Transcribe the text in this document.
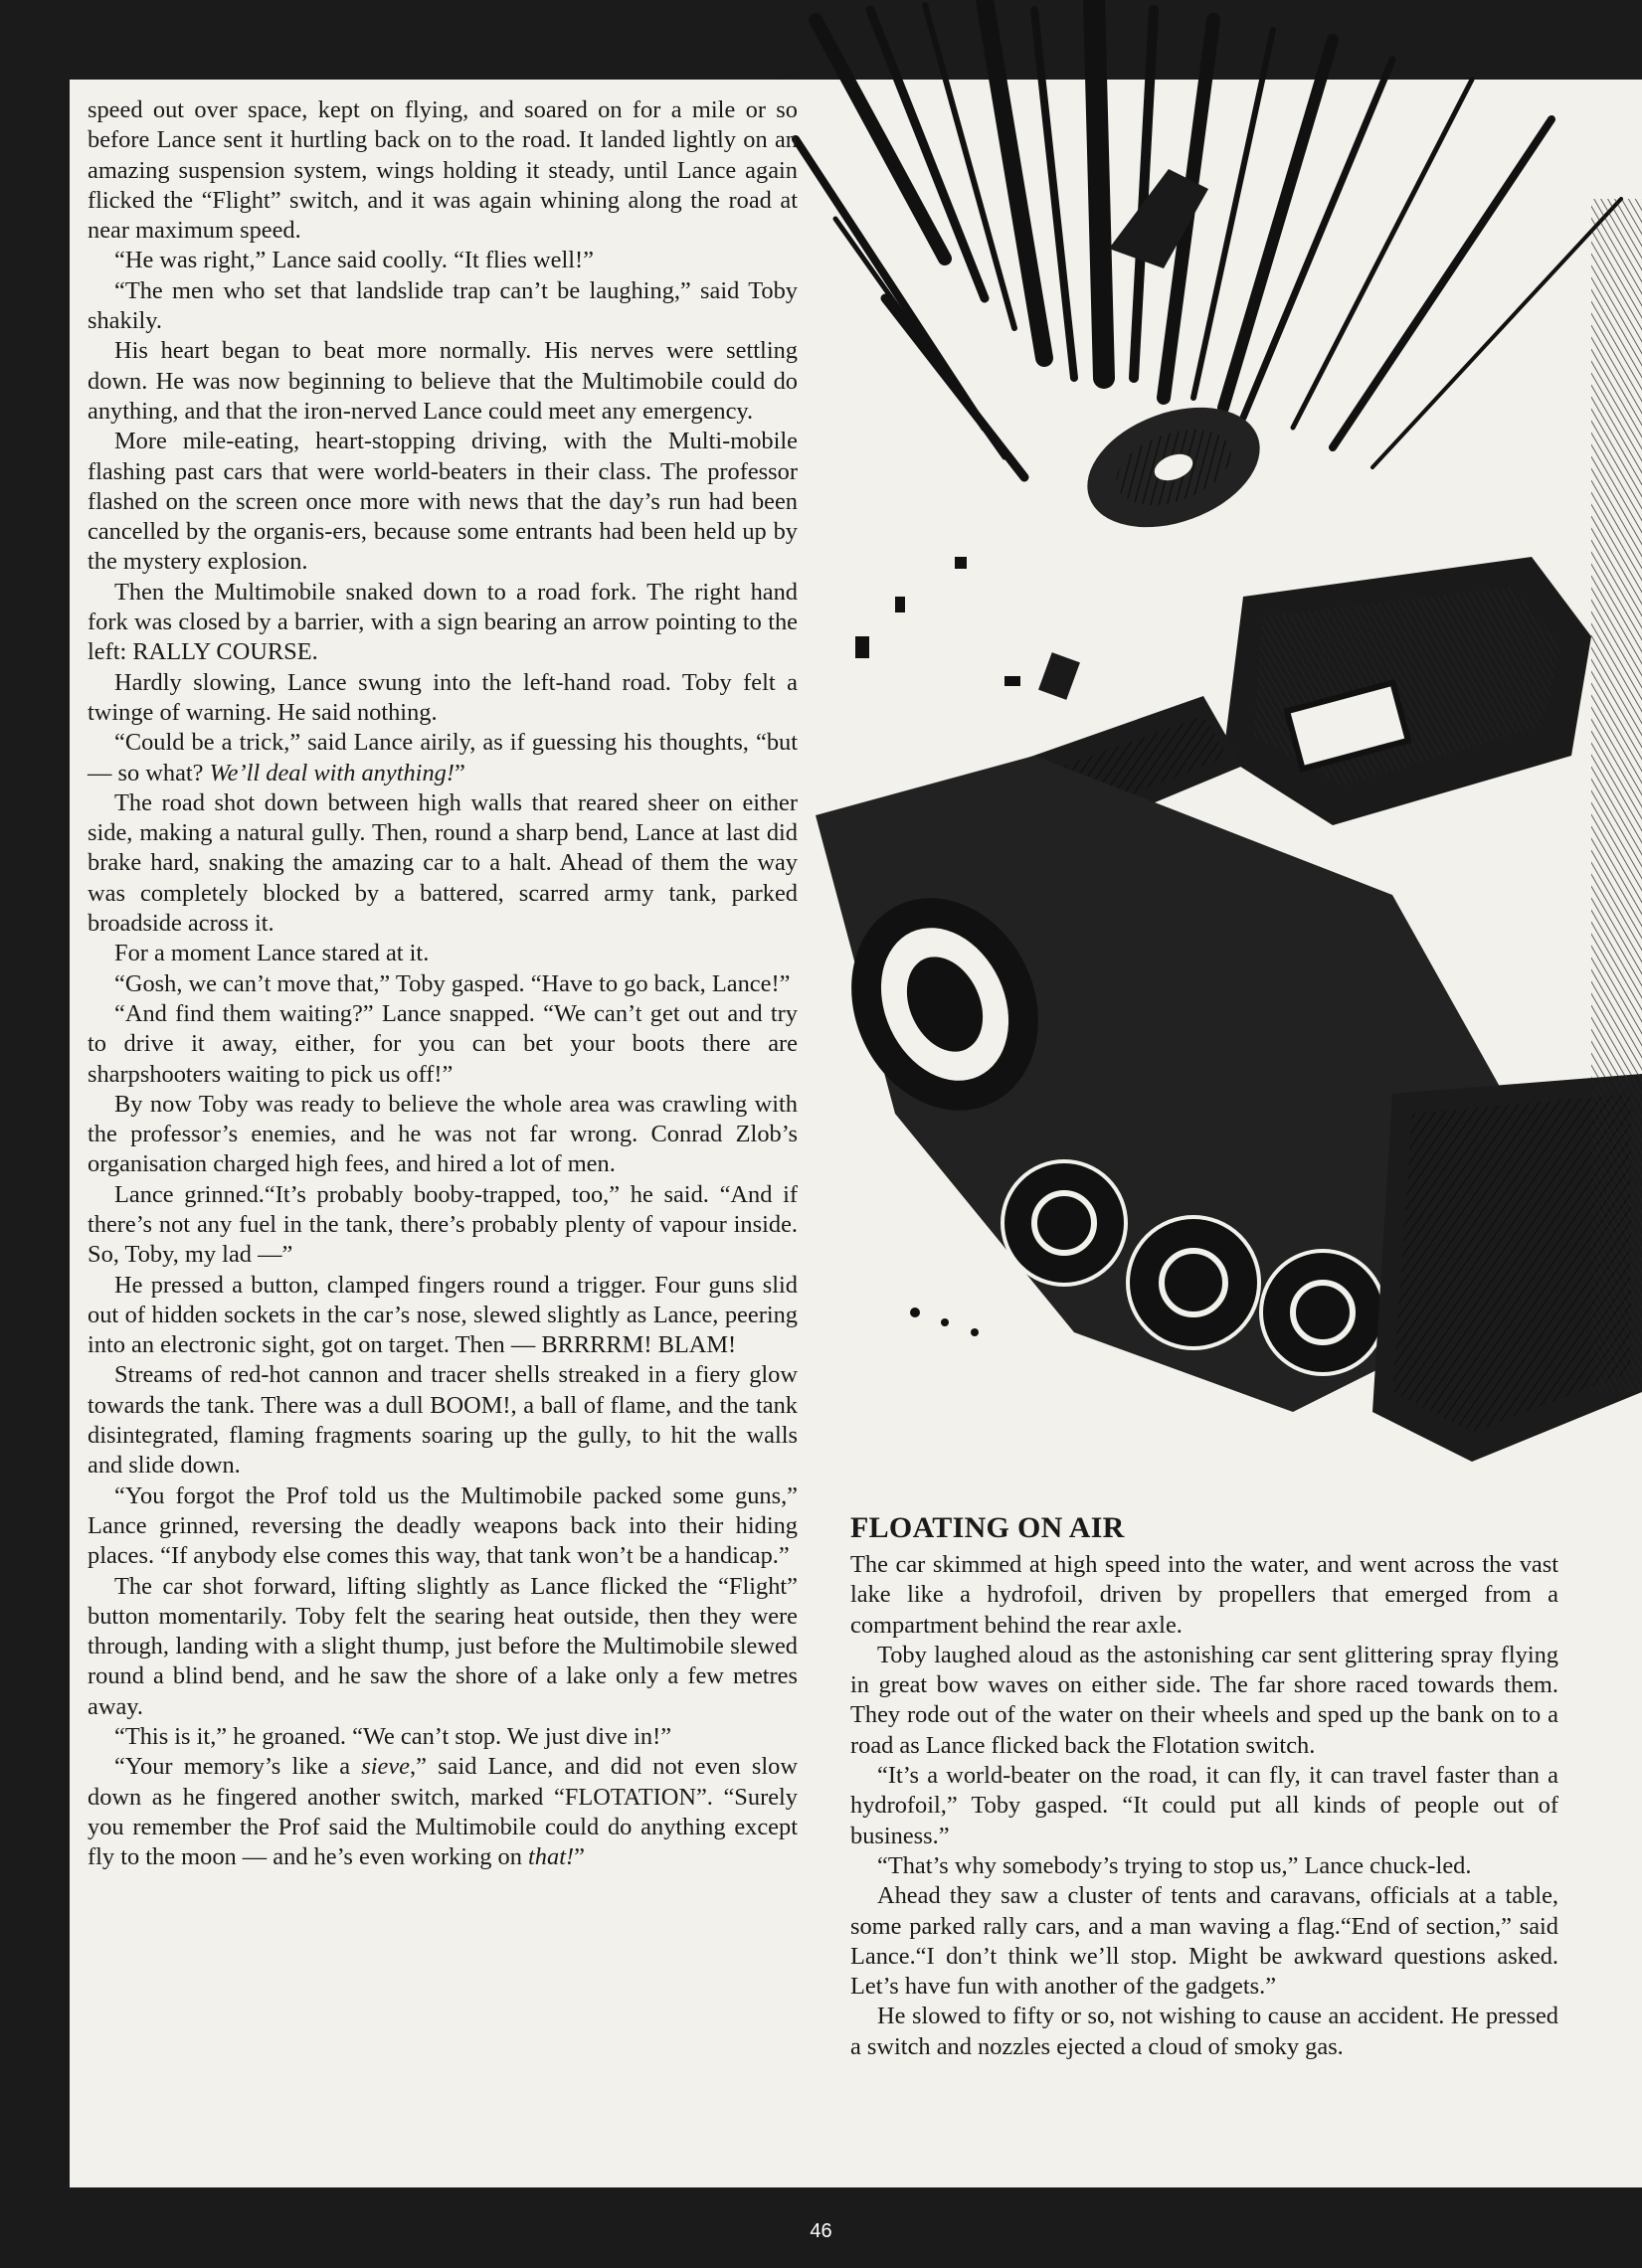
speed out over space, kept on flying, and soared on for a mile or so before Lance sent it hurtling back on to the road. It landed lightly on an amazing suspension system, wings holding it steady, until Lance again flicked the “Flight” switch, and it was again whining along the road at near maximum speed.

“He was right,” Lance said coolly. “It flies well!”

“The men who set that landslide trap can’t be laughing,” said Toby shakily.

His heart began to beat more normally. His nerves were settling down. He was now beginning to believe that the Multimobile could do anything, and that the iron-nerved Lance could meet any emergency.

More mile-eating, heart-stopping driving, with the Multi-mobile flashing past cars that were world-beaters in their class. The professor flashed on the screen once more with news that the day’s run had been cancelled by the organis-ers, because some entrants had been held up by the mystery explosion.

Then the Multimobile snaked down to a road fork. The right hand fork was closed by a barrier, with a sign bearing an arrow pointing to the left: RALLY COURSE.

Hardly slowing, Lance swung into the left-hand road. Toby felt a twinge of warning. He said nothing.

“Could be a trick,” said Lance airily, as if guessing his thoughts, “but — so what? We’ll deal with anything!”

The road shot down between high walls that reared sheer on either side, making a natural gully. Then, round a sharp bend, Lance at last did brake hard, snaking the amazing car to a halt. Ahead of them the way was completely blocked by a battered, scarred army tank, parked broadside across it.

For a moment Lance stared at it.

“Gosh, we can’t move that,” Toby gasped. “Have to go back, Lance!”

“And find them waiting?” Lance snapped. “We can’t get out and try to drive it away, either, for you can bet your boots there are sharpshooters waiting to pick us off!”

By now Toby was ready to believe the whole area was crawling with the professor’s enemies, and he was not far wrong. Conrad Zlob’s organisation charged high fees, and hired a lot of men.

Lance grinned.“It’s probably booby-trapped, too,” he said. “And if there’s not any fuel in the tank, there’s probably plenty of vapour inside. So, Toby, my lad —”

He pressed a button, clamped fingers round a trigger. Four guns slid out of hidden sockets in the car’s nose, slewed slightly as Lance, peering into an electronic sight, got on target. Then — BRRRRM! BLAM!

Streams of red-hot cannon and tracer shells streaked in a fiery glow towards the tank. There was a dull BOOM!, a ball of flame, and the tank disintegrated, flaming fragments soaring up the gully, to hit the walls and slide down.

“You forgot the Prof told us the Multimobile packed some guns,” Lance grinned, reversing the deadly weapons back into their hiding places. “If anybody else comes this way, that tank won’t be a handicap.”

The car shot forward, lifting slightly as Lance flicked the “Flight” button momentarily. Toby felt the searing heat outside, then they were through, landing with a slight thump, just before the Multimobile slewed round a blind bend, and he saw the shore of a lake only a few metres away.

“This is it,” he groaned. “We can’t stop. We just dive in!”

“Your memory’s like a sieve,” said Lance, and did not even slow down as he fingered another switch, marked “FLOTATION”. “Surely you remember the Prof said the Multimobile could do anything except fly to the moon — and he’s even working on that!”

FLOATING ON AIR

The car skimmed at high speed into the water, and went across the vast lake like a hydrofoil, driven by propellers that emerged from a compartment behind the rear axle.

Toby laughed aloud as the astonishing car sent glittering spray flying in great bow waves on either side. The far shore raced towards them. They rode out of the water on their wheels and sped up the bank on to a road as Lance flicked back the Flotation switch.

“It’s a world-beater on the road, it can fly, it can travel faster than a hydrofoil,” Toby gasped. “It could put all kinds of people out of business.”

“That’s why somebody’s trying to stop us,” Lance chuck-led.

Ahead they saw a cluster of tents and caravans, officials at a table, some parked rally cars, and a man waving a flag.“End of section,” said Lance.“I don’t think we’ll stop. Might be awkward questions asked. Let’s have fun with another of the gadgets.”

He slowed to fifty or so, not wishing to cause an accident. He pressed a switch and nozzles ejected a cloud of smoky gas.

46
